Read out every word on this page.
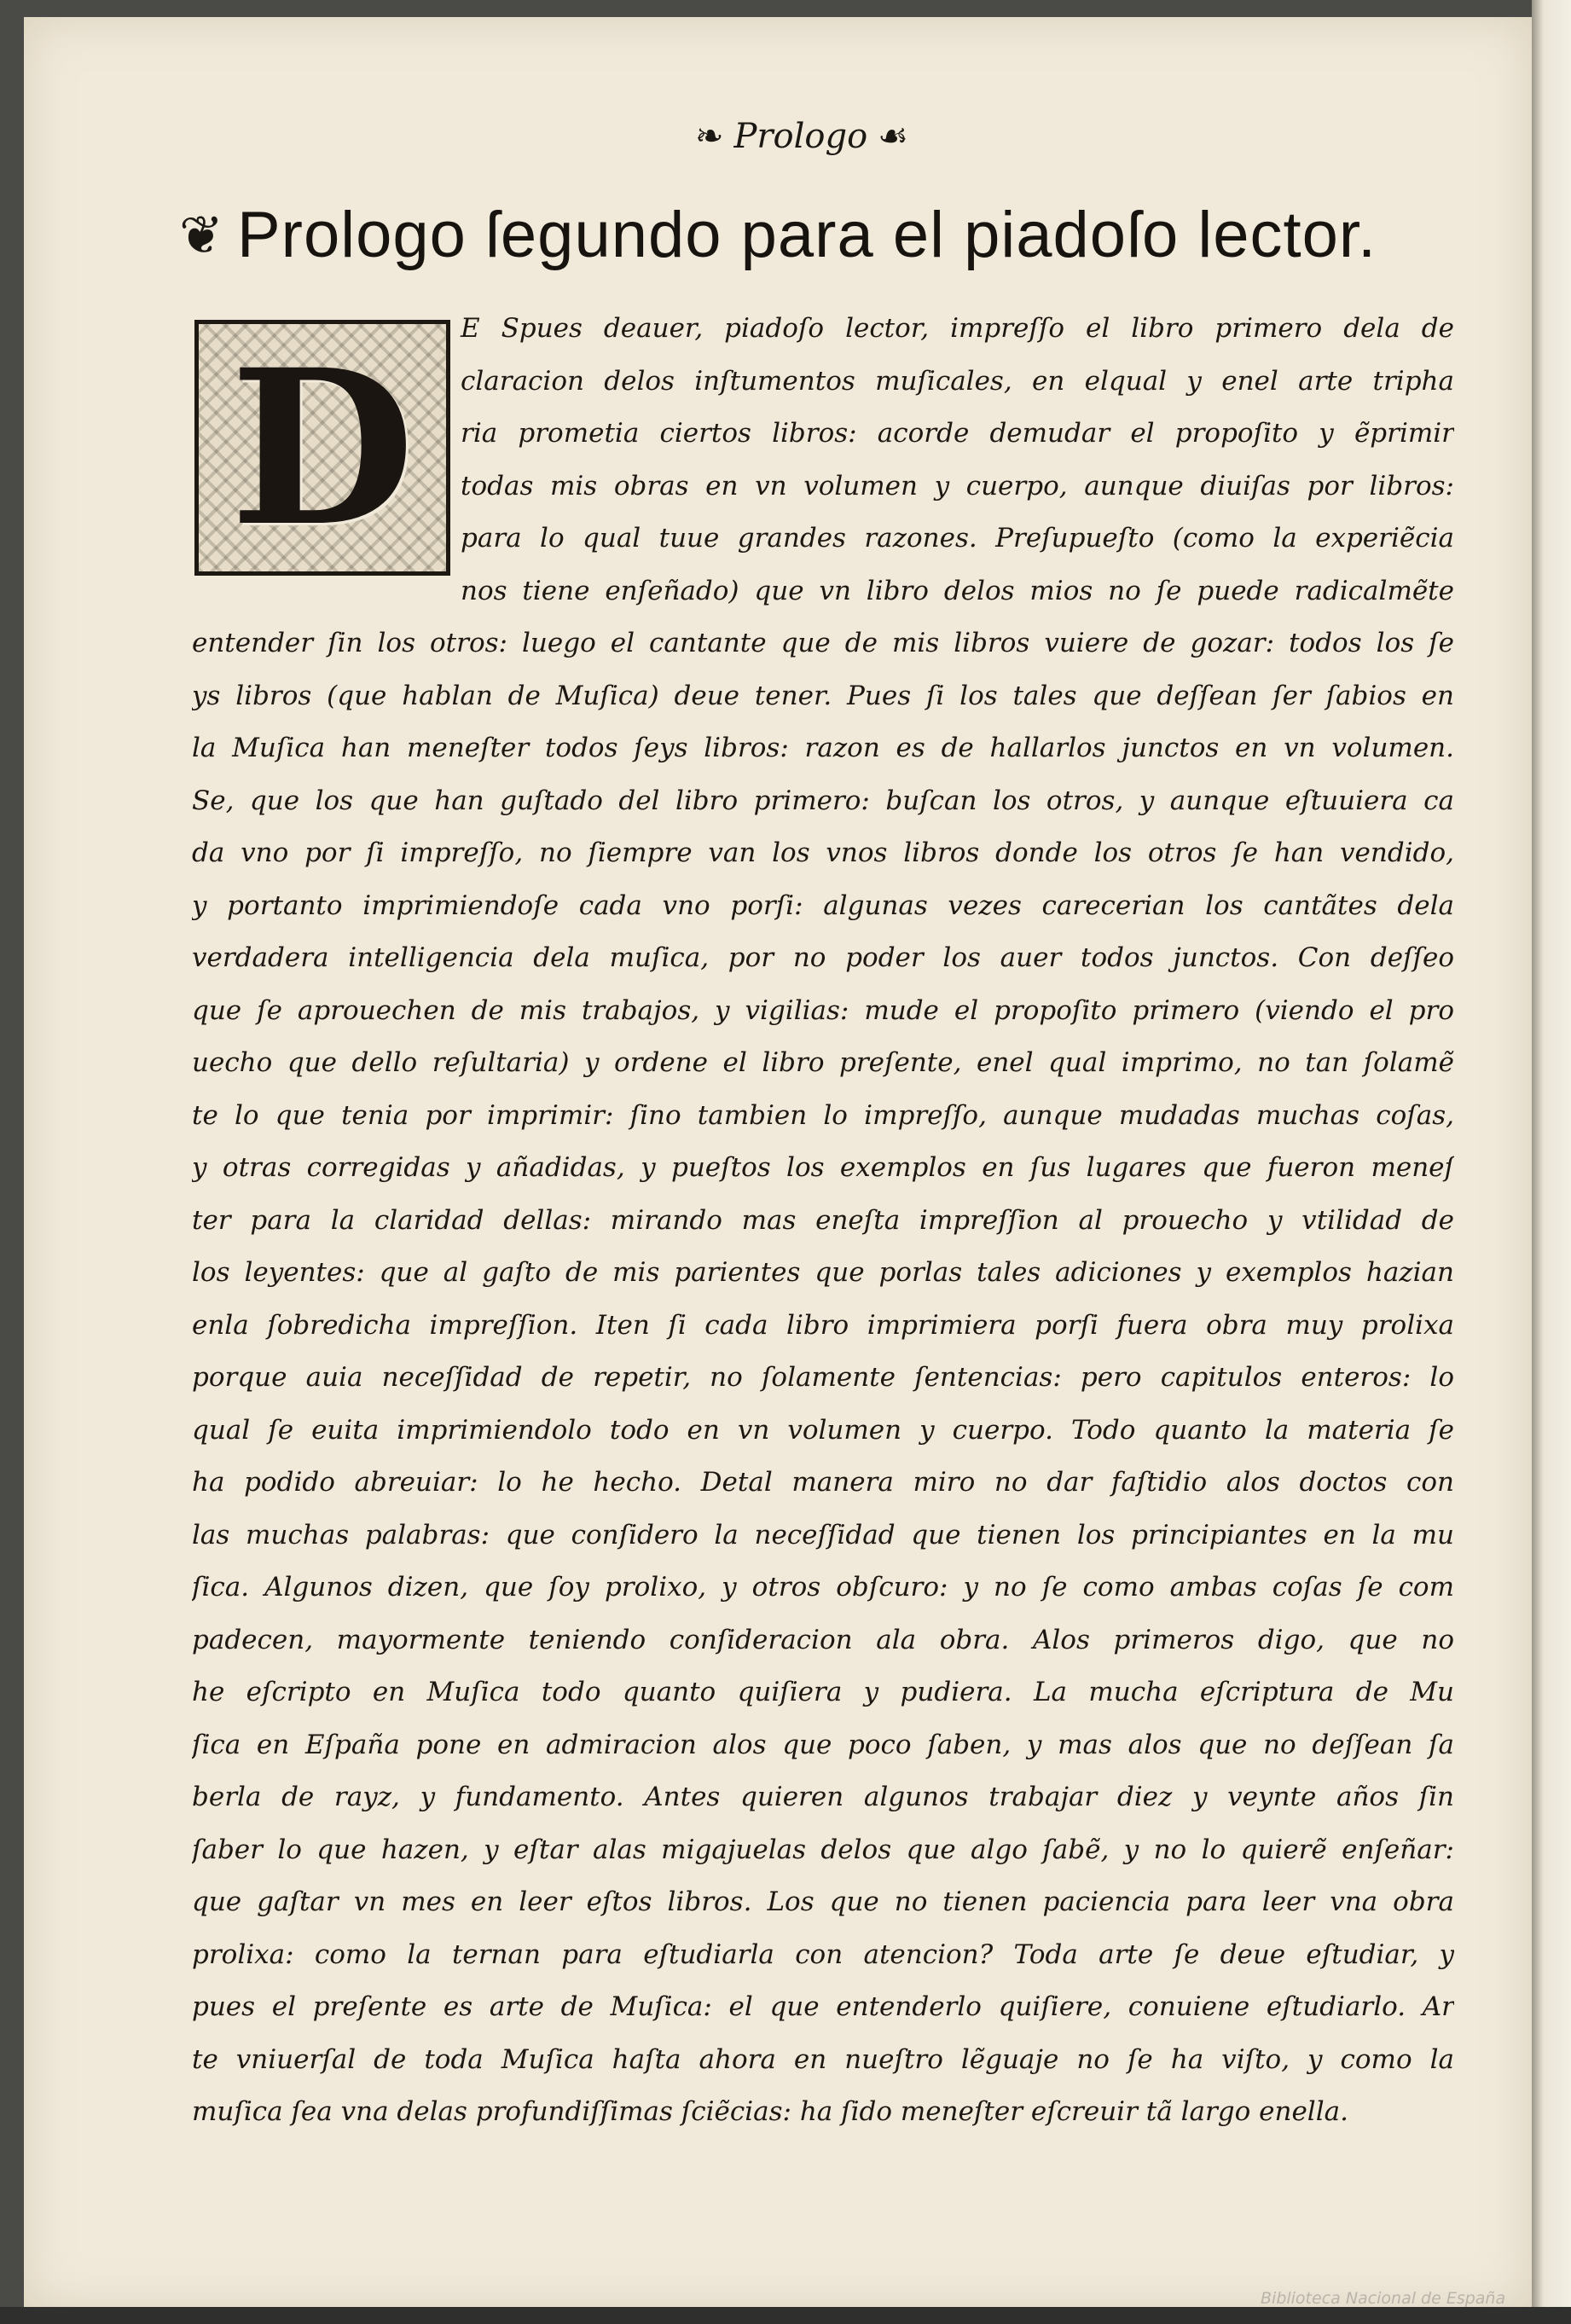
❧ Prologo ☙
❦ Prologo ſegundo para el piadoſo lector.
D	E Spues deauer, piadoſo lector, impreſſo el libro primero dela de
claracion delos inſtumentos muſicales, en elqual y enel arte tripha
ria prometia ciertos libros: acorde demudar el propoſito y ẽprimir
todas mis obras en vn volumen y cuerpo, aunque diuiſas por libros:
para lo qual tuue grandes razones. Preſupueſto (como la experiẽcia
nos tiene enſeñado) que vn libro delos mios no ſe puede radicalmẽte
entender ſin los otros: luego el cantante que de mis libros vuiere de gozar: todos los ſe
ys libros (que hablan de Muſica) deue tener. Pues ſi los tales que deſſean ſer ſabios en
la Muſica han meneſter todos ſeys libros: razon es de hallarlos junctos en vn volumen.
Se, que los que han guſtado del libro primero: buſcan los otros, y aunque eſtuuiera ca
da vno por ſi impreſſo, no ſiempre van los vnos libros donde los otros ſe han vendido,
y portanto imprimiendoſe cada vno porſi: algunas vezes carecerian los cantãtes dela
verdadera intelligencia dela muſica, por no poder los auer todos junctos. Con deſſeo
que ſe aprouechen de mis trabajos, y vigilias: mude el propoſito primero (viendo el pro
uecho que dello reſultaria) y ordene el libro preſente, enel qual imprimo, no tan ſolamẽ
te lo que tenia por imprimir: ſino tambien lo impreſſo, aunque mudadas muchas coſas,
y otras corregidas y añadidas, y pueſtos los exemplos en ſus lugares que fueron meneſ
ter para la claridad dellas: mirando mas eneſta impreſſion al prouecho y vtilidad de
los leyentes: que al gaſto de mis parientes que porlas tales adiciones y exemplos hazian
enla ſobredicha impreſſion. Iten ſi cada libro imprimiera porſi fuera obra muy prolixa
porque auia neceſſidad de repetir, no ſolamente ſentencias: pero capitulos enteros: lo
qual ſe euita imprimiendolo todo en vn volumen y cuerpo. Todo quanto la materia ſe
ha podido abreuiar: lo he hecho. Detal manera miro no dar faſtidio alos doctos con
las muchas palabras: que conſidero la neceſſidad que tienen los principiantes en la mu
ſica. Algunos dizen, que ſoy prolixo, y otros obſcuro: y no ſe como ambas coſas ſe com
padecen, mayormente teniendo conſideracion ala obra. Alos primeros digo, que no
he eſcripto en Muſica todo quanto quiſiera y pudiera. La mucha eſcriptura de Mu
ſica en Eſpaña pone en admiracion alos que poco ſaben, y mas alos que no deſſean ſa
berla de rayz, y fundamento. Antes quieren algunos trabajar diez y veynte años ſin
ſaber lo que hazen, y eſtar alas migajuelas delos que algo ſabẽ, y no lo quierẽ enſeñar:
que gaſtar vn mes en leer eſtos libros. Los que no tienen paciencia para leer vna obra
prolixa: como la ternan para eſtudiarla con atencion? Toda arte ſe deue eſtudiar, y
pues el preſente es arte de Muſica: el que entenderlo quiſiere, conuiene eſtudiarlo. Ar
te vniuerſal de toda Muſica haſta ahora en nueſtro lẽguaje no ſe ha viſto, y como la
muſica ſea vna delas profundiſſimas ſciẽcias: ha ſido meneſter eſcreuir tã largo enella.
Biblioteca Nacional de España
